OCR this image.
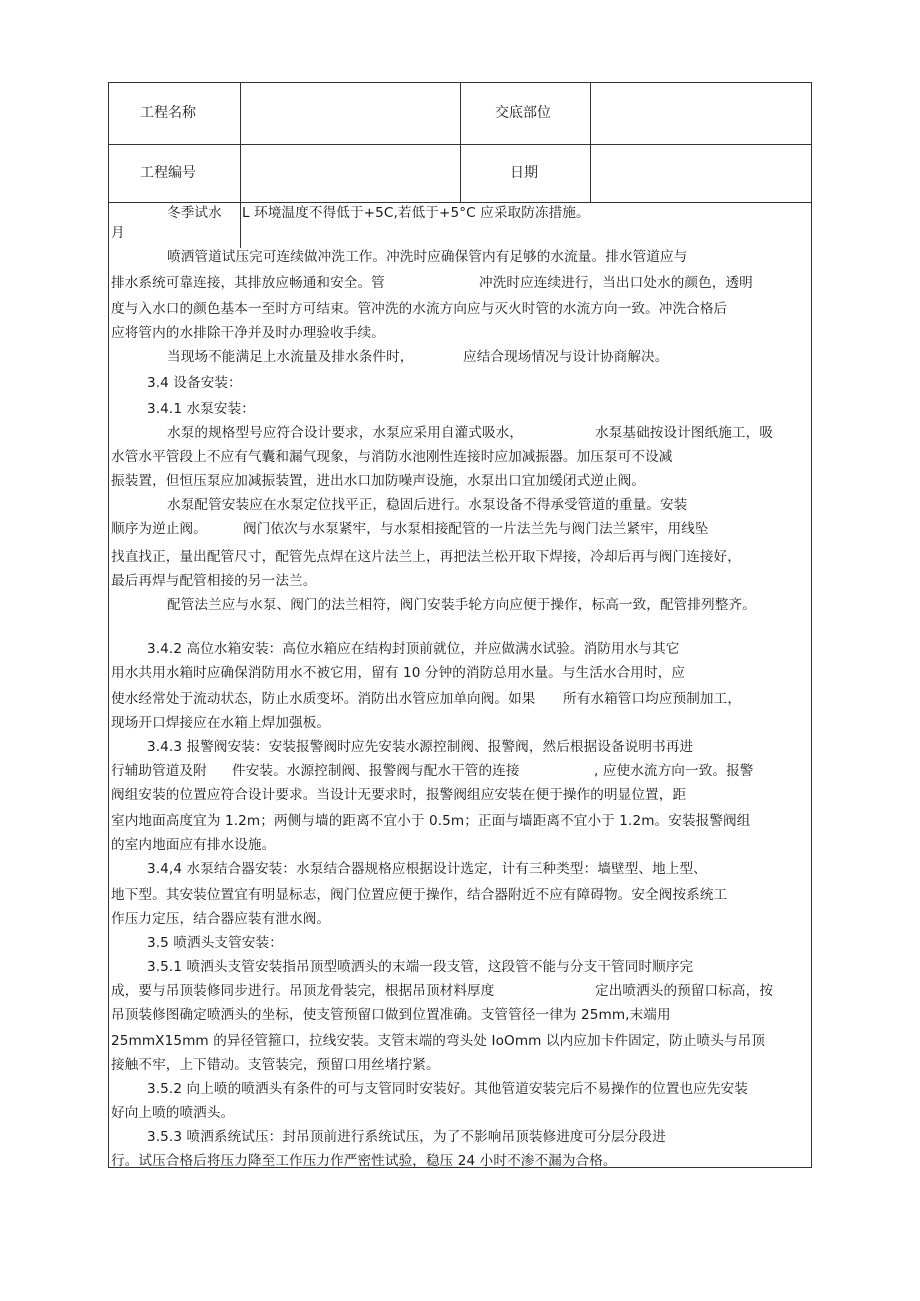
工程名称	交底部位
工程编号	日期
冬季试水 L 环境温度不得低于+5C,若低于+5°C 应采取防冻措施。
月
喷洒管道试压完可连续做冲洗工作。冲洗时应确保管内有足够的水流量。排水管道应与
排水系统可靠连接，其排放应畅通和安全。管	冲洗时应连续进行，当出口处水的颜色，透明
度与入水口的颜色基本一至时方可结束。管冲洗的水流方向应与灭火时管的水流方向一致。冲洗合格后
应将管内的水排除干净并及时办理验收手续。
当现场不能满足上水流量及排水条件时，	应结合现场情况与设计协商解决。
3.4 设备安装：
3.4.1 水泵安装：
水泵的规格型号应符合设计要求，水泵应采用自灌式吸水，	水泵基础按设计图纸施工，吸
水管水平管段上不应有气囊和漏气现象，与消防水池刚性连接时应加减振器。加压泵可不设减
振装置，但恒压泵应加减振装置，进出水口加防噪声设施，水泵出口宜加缓闭式逆止阀。
水泵配管安装应在水泵定位找平正，稳固后进行。水泵设备不得承受管道的重量。安装
顺序为逆止阀。	阀门依次与水泵紧牢，与水泵相接配管的一片法兰先与阀门法兰紧牢，用线坠
找直找正，量出配管尺寸，配管先点焊在这片法兰上，再把法兰松开取下焊接，冷却后再与阀门连接好，
最后再焊与配管相接的另一法兰。
配管法兰应与水泵、阀门的法兰相符，阀门安装手轮方向应便于操作，标高一致，配管排列整齐。
3.4.2 高位水箱安装：高位水箱应在结构封顶前就位，并应做满水试验。消防用水与其它
用水共用水箱时应确保消防用水不被它用，留有 10 分钟的消防总用水量。与生活水合用时，应
使水经常处于流动状态，防止水质变坏。消防出水管应加单向阀。如果 所有水箱管口均应预制加工，
现场开口焊接应在水箱上焊加强板。
3.4.3 报警阀安装：安装报警阀时应先安装水源控制阀、报警阀，然后根据设备说明书再进
行辅助管道及附 件安装。水源控制阀、报警阀与配水干管的连接	, 应使水流方向一致。报警
阀组安装的位置应符合设计要求。当设计无要求时，报警阀组应安装在便于操作的明显位置，距
室内地面高度宜为 1.2m；两侧与墙的距离不宜小于 0.5m；正面与墙距离不宜小于 1.2m。安装报警阀组
的室内地面应有排水设施。
3.4,4 水泵结合器安装：水泵结合器规格应根据设计选定，计有三种类型：墙壁型、地上型、
地下型。其安装位置宜有明显标志，阀门位置应便于操作，结合器附近不应有障碍物。安全阀按系统工
作压力定压，结合器应装有泄水阀。
3.5 喷洒头支管安装：
3.5.1 喷洒头支管安装指吊顶型喷洒头的末端一段支管，这段管不能与分支干管同时顺序完
成，要与吊顶装修同步进行。吊顶龙骨装完，根据吊顶材料厚度	定出喷洒头的预留口标高，按
吊顶装修图确定喷洒头的坐标，使支管预留口做到位置准确。支管管径一律为 25mm,末端用
25mmX15mm 的异径管箍口，拉线安装。支管末端的弯头处 IoOmm 以内应加卡件固定，防止喷头与吊顶
接触不牢，上下错动。支管装完，预留口用丝堵拧紧。
3.5.2 向上喷的喷洒头有条件的可与支管同时安装好。其他管道安装完后不易操作的位置也应先安装
好向上喷的喷洒头。
3.5.3 喷洒系统试压：封吊顶前进行系统试压，为了不影响吊顶装修进度可分层分段进
行。试压合格后将压力降至工作压力作严密性试验，稳压 24 小时不渗不漏为合格。
